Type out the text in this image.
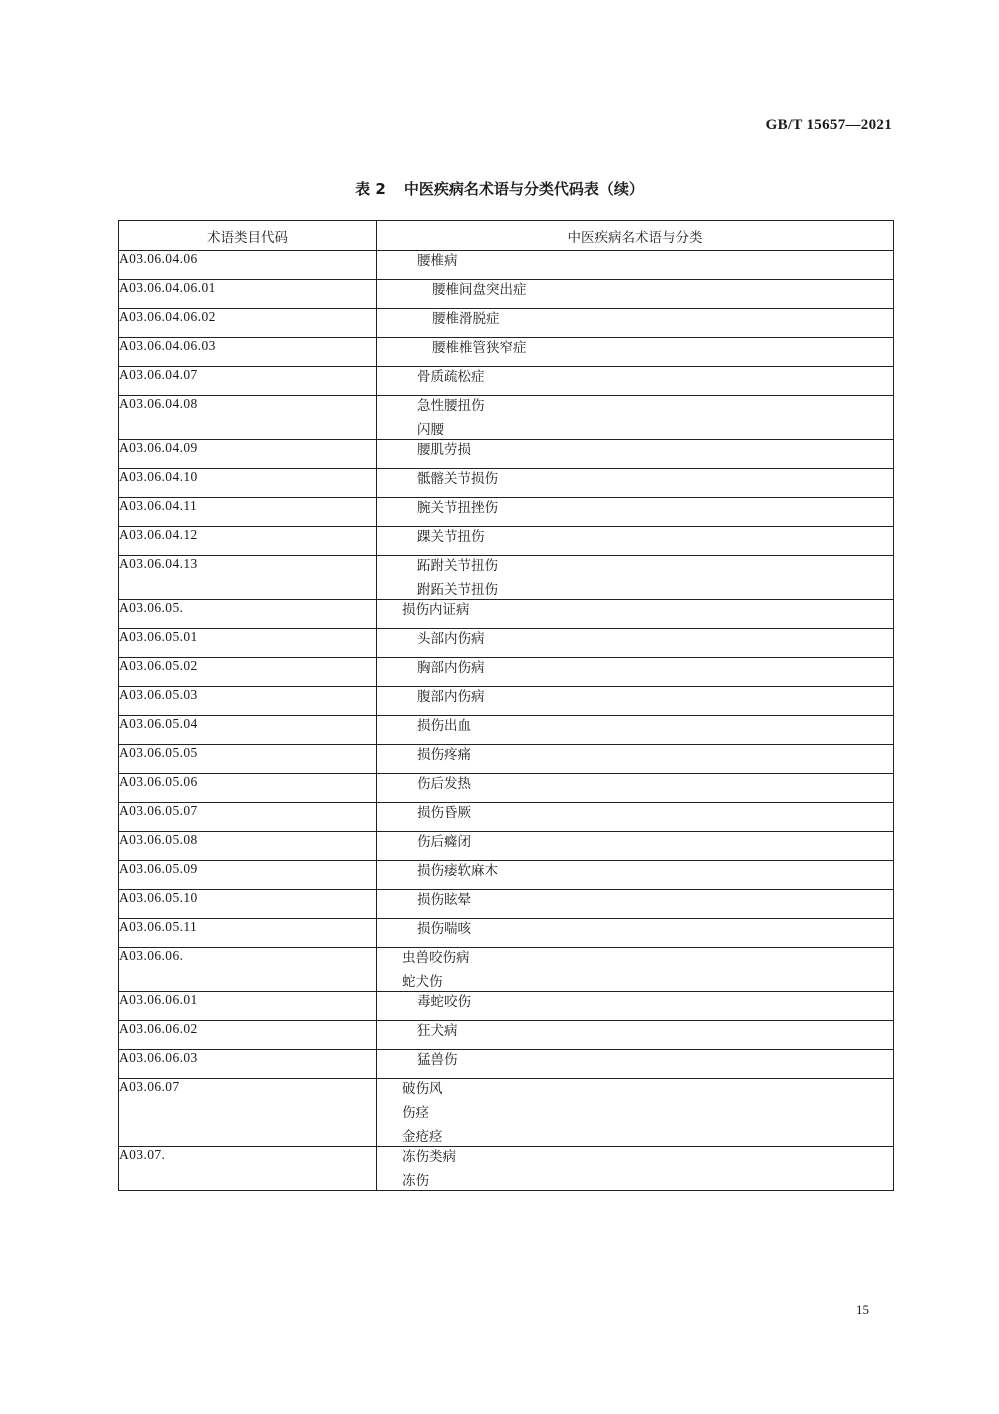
GB/T 15657—2021
表 2 中医疾病名术语与分类代码表（续）
术语类目代码	中医疾病名术语与分类
A03.06.04.06	腰椎病

A03.06.04.06.01	腰椎间盘突出症

A03.06.04.06.02	腰椎滑脱症

A03.06.04.06.03	腰椎椎管狭窄症

A03.06.04.07	骨质疏松症

A03.06.04.08	急性腰扭伤
闪腰

A03.06.04.09	腰肌劳损

A03.06.04.10	骶髂关节损伤

A03.06.04.11	腕关节扭挫伤

A03.06.04.12	踝关节扭伤

A03.06.04.13	跖跗关节扭伤
跗跖关节扭伤

A03.06.05.	损伤内证病

A03.06.05.01	头部内伤病

A03.06.05.02	胸部内伤病

A03.06.05.03	腹部内伤病

A03.06.05.04	损伤出血

A03.06.05.05	损伤疼痛

A03.06.05.06	伤后发热

A03.06.05.07	损伤昏厥

A03.06.05.08	伤后癃闭

A03.06.05.09	损伤痿软麻木

A03.06.05.10	损伤眩晕

A03.06.05.11	损伤喘咳

A03.06.06.	虫兽咬伤病
蛇犬伤

A03.06.06.01	毒蛇咬伤

A03.06.06.02	狂犬病

A03.06.06.03	猛兽伤

A03.06.07	破伤风
伤痉
金疮痉

A03.07.	冻伤类病
冻伤
15
